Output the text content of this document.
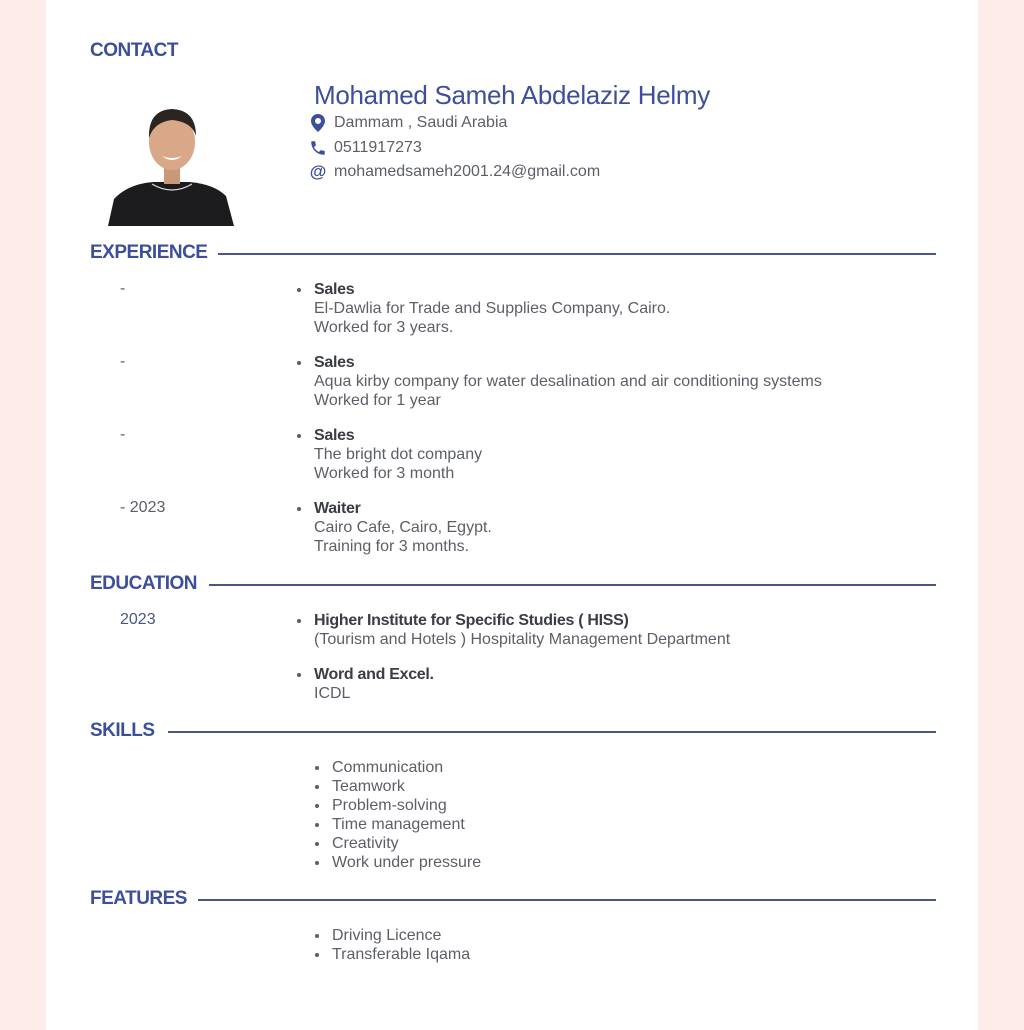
CONTACT
Mohamed Sameh Abdelaziz Helmy
Dammam , Saudi Arabia
0511917273
@ mohamedsameh2001.24@gmail.com
EXPERIENCE
-	Sales
El-Dawlia for Trade and Supplies Company, Cairo.
Worked for 3 years.
-	Sales
Aqua kirby company for water desalination and air conditioning systems
Worked for 1 year
-	Sales
The bright dot company
Worked for 3 month
- 2023	Waiter
Cairo Cafe, Cairo, Egypt.
Training for 3 months.
EDUCATION
2023	Higher Institute for Specific Studies ( HISS)
(Tourism and Hotels ) Hospitality Management Department
Word and Excel.
ICDL
SKILLS
Communication
Teamwork
Problem-solving
Time management
Creativity
Work under pressure
FEATURES
Driving Licence
Transferable Iqama
